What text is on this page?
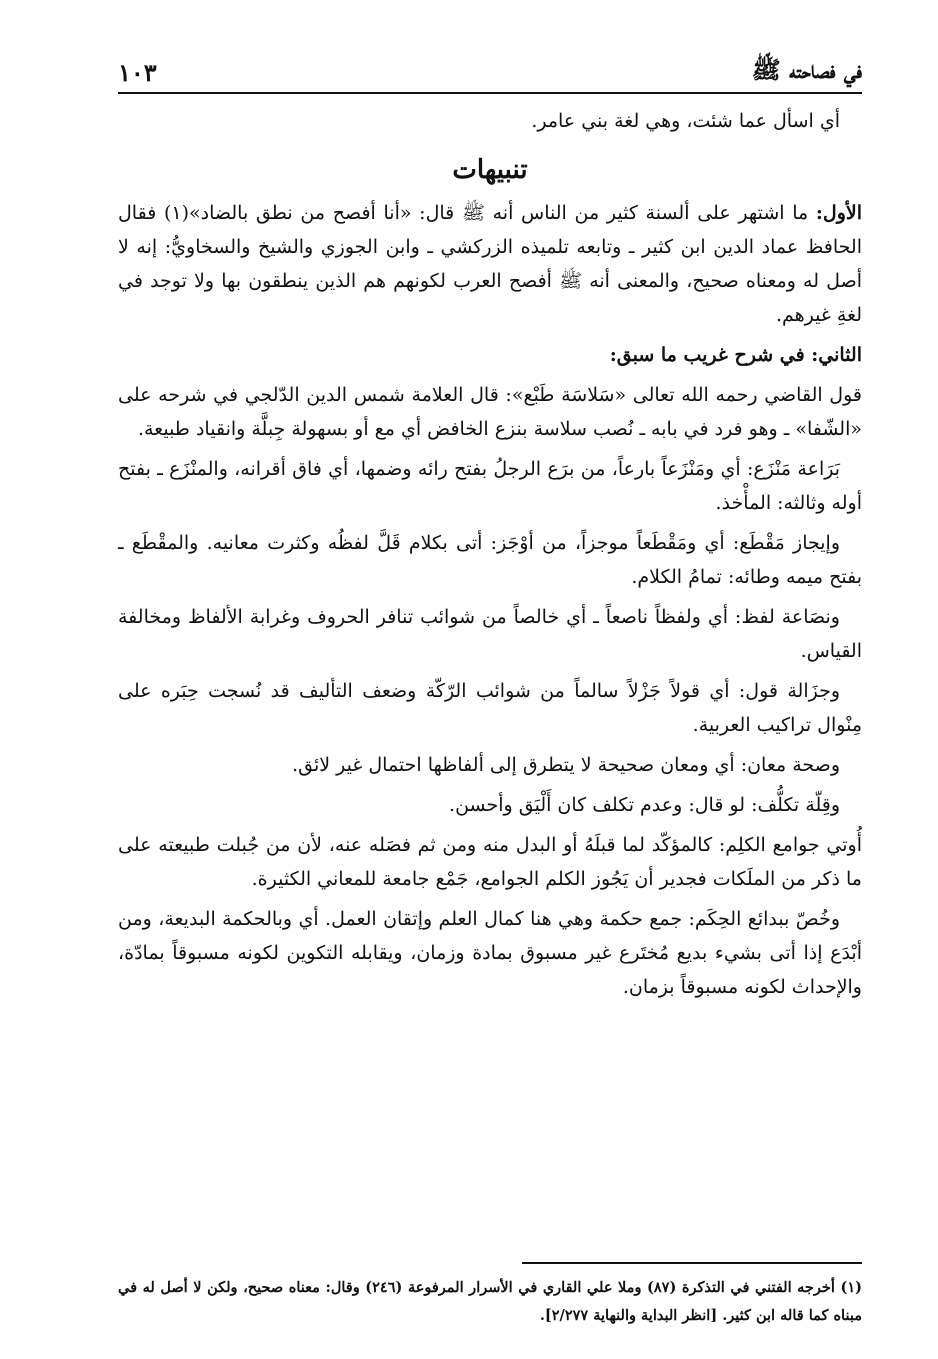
في فصاحته ﷺ
١٠٣

أي اسأل عما شئت، وهي لغة بني عامر.

تنبيهات

الأول: ما اشتهر على ألسنة كثير من الناس أنه ﷺ قال: «أنا أفصح من نطق بالضاد»(١) فقال الحافظ عماد الدين ابن كثير ـ وتابعه تلميذه الزركشي ـ وابن الجوزي والشيخ والسخاويُّ: إنه لا أصل له ومعناه صحيح، والمعنى أنه ﷺ أفصح العرب لكونهم هم الذين ينطقون بها ولا توجد في لغةِ غيرهم.

الثاني: في شرح غريب ما سبق:

قول القاضي رحمه الله تعالى «سَلاسَة طَبْع»: قال العلامة شمس الدين الدّلجي في شرحه على «الشّفا» ـ وهو فرد في بابه ـ نُصب سلاسة بنزع الخافض أي مع أو بسهولة جِبلَّة وانقياد طبيعة.

بَرَاعة مَنْزَع: أي ومَنْزَعاً بارعاً، من برَع الرجلُ بفتح رائه وضمها، أي فاق أقرانه، والمنْزَع ـ بفتح أوله وثالثه: المأْخذ.

وإيجاز مَقْطَع: أي ومَقْطَعاً موجزاً، من أوْجَز: أتى بكلام قَلَّ لفظُه وكثرت معانيه. والمقْطَع ـ بفتح ميمه وطائه: تمامُ الكلام.

ونصَاعة لفظ: أي ولفظاً ناصعاً ـ أي خالصاً من شوائب تنافر الحروف وغرابة الألفاظ ومخالفة القياس.

وجزَالة قول: أي قولاً جَزْلاً سالماً من شوائب الرّكّة وضعف التأليف قد نُسجت حِبَره على مِنْوال تراكيب العربية.

وصحة معان: أي ومعان صحيحة لا يتطرق إلى ألفاظها احتمال غير لائق.

وقِلّة تكلُّف: لو قال: وعدم تكلف كان أَلْيَق وأحسن.

أُوتي جوامع الكلِم: كالمؤكّد لما قبلَهُ أو البدل منه ومن ثم فصَله عنه، لأن من جُبلت طبيعته على ما ذكر من الملَكات فجدير أن يَجُوز الكلم الجوامع، جَمْع جامعة للمعاني الكثيرة.

وخُصّ ببدائع الحِكَم: جمع حكمة وهي هنا كمال العلم وإتقان العمل. أي وبالحكمة البديعة، ومن أبْدَع إذا أتى بشيء بديع مُختَرع غير مسبوق بمادة وزمان، ويقابله التكوين لكونه مسبوقاً بمادّة، والإحداث لكونه مسبوقاً بزمان.

(١) أخرجه الفتني في التذكرة (٨٧) وملا علي القاري في الأسرار المرفوعة (٢٤٦) وقال: معناه صحيح، ولكن لا أصل له في مبناه كما قاله ابن كثير. [انظر البداية والنهاية ٢/٢٧٧].
